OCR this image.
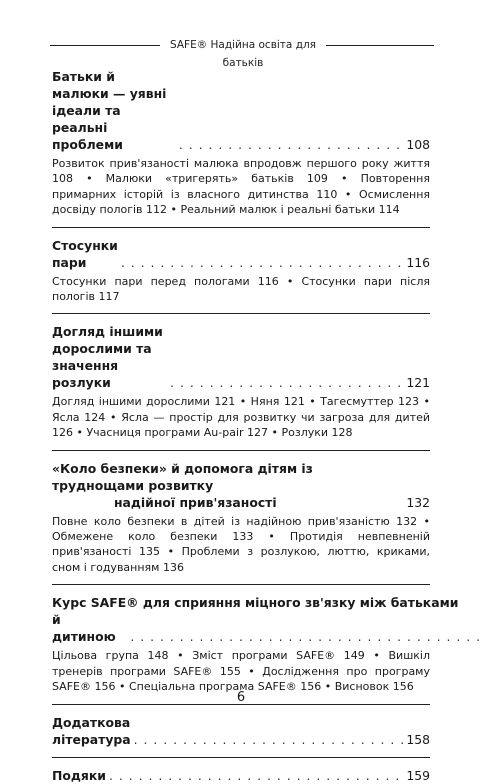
SAFE® Надійна освіта для батьків
Батьки й малюки — уявні ідеали та реальні проблеми . . .	108
Розвиток прив'язаності малюка впродовж першого року життя 108 • Малюки «тригерять» батьків 109 • Повторення примарних історій із власного дитинства 110 • Осмислення досвіду пологів 112 • Реальний малюк і реальні батьки 114
Стосунки пари . . .	116
Стосунки пари перед пологами 116 • Стосунки пари після пологів 117
Догляд іншими дорослими та значення розлуки . . .	121
Догляд іншими дорослими 121 • Няня 121 • Тагесмуттер 123 • Ясла 124 • Ясла — простір для розвитку чи загроза для дитей 126 • Учасниця програми Au-pair 127 • Розлуки 128
«Коло безпеки» й допомога дітям із труднощами розвитку
надійної прив'язаності	132
Повне коло безпеки в дітей із надійною прив'язаністю 132 • Обмежене коло безпеки 133 • Протидія невпевненій прив'язаності 135 • Проблеми з розлукою, люттю, криками, сном і годуванням 136
Курс SAFE® для сприяння міцного зв'язку між батьками
й дитиною
. . .
Цільова група 148 • Зміст програми SAFE® 149 • Вишкіл тренерів програми SAFE® 155 • Дослідження про програму SAFE® 156 • Спеціальна програма SAFE® 156 • Висновок 156
Додаткова література . . .	158
Подяки . . .	159
6
